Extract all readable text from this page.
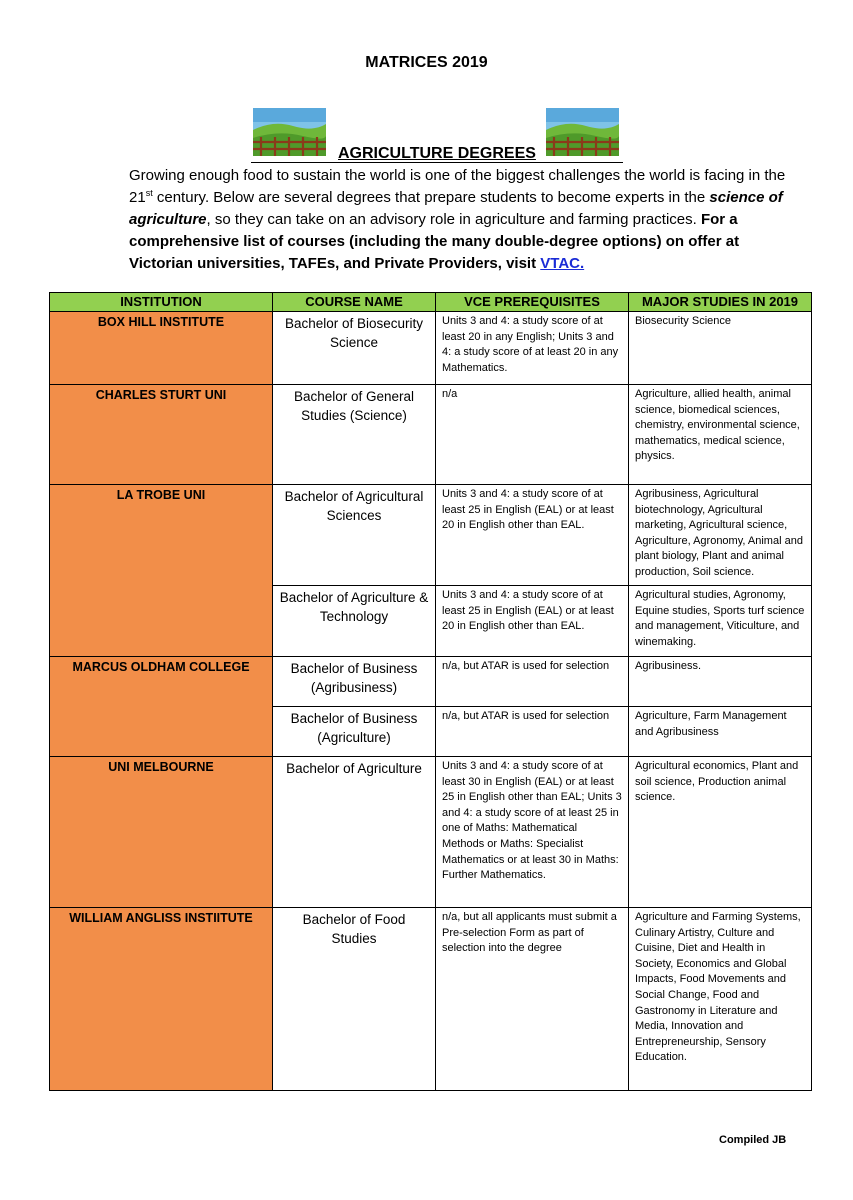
MATRICES 2019
AGRICULTURE DEGREES
Growing enough food to sustain the world is one of the biggest challenges the world is facing in the 21st century. Below are several degrees that prepare students to become experts in the science of agriculture, so they can take on an advisory role in agriculture and farming practices. For a comprehensive list of courses (including the many double-degree options) on offer at Victorian universities, TAFEs, and Private Providers, visit VTAC.
INSTITUTION	COURSE NAME	VCE PREREQUISITES	MAJOR STUDIES IN 2019
BOX HILL INSTITUTE	Bachelor of Biosecurity Science	Units 3 and 4: a study score of at least 20 in any English; Units 3 and 4: a study score of at least 20 in any Mathematics.	Biosecurity Science
CHARLES STURT UNI	Bachelor of General Studies (Science)	n/a	Agriculture, allied health, animal science, biomedical sciences, chemistry, environmental science, mathematics, medical science, physics.
LA TROBE UNI	Bachelor of Agricultural Sciences	Units 3 and 4: a study score of at least 25 in English (EAL) or at least 20 in English other than EAL.	Agribusiness, Agricultural biotechnology, Agricultural marketing, Agricultural science, Agriculture, Agronomy, Animal and plant biology, Plant and animal production, Soil science.
	Bachelor of Agriculture & Technology	Units 3 and 4: a study score of at least 25 in English (EAL) or at least 20 in English other than EAL.	Agricultural studies, Agronomy, Equine studies, Sports turf science and management, Viticulture, and winemaking.
MARCUS OLDHAM COLLEGE	Bachelor of Business (Agribusiness)	n/a, but ATAR is used for selection	Agribusiness.
	Bachelor of Business (Agriculture)	n/a, but ATAR is used for selection	Agriculture, Farm Management and Agribusiness
UNI MELBOURNE	Bachelor of Agriculture	Units 3 and 4: a study score of at least 30 in English (EAL) or at least 25 in English other than EAL; Units 3 and 4: a study score of at least 25 in one of Maths: Mathematical Methods or Maths: Specialist Mathematics or at least 30 in Maths: Further Mathematics.	Agricultural economics, Plant and soil science, Production animal science.
WILLIAM ANGLISS INSTIITUTE	Bachelor of Food Studies	n/a, but all applicants must submit a Pre-selection Form as part of selection into the degree	Agriculture and Farming Systems, Culinary Artistry, Culture and Cuisine, Diet and Health in Society, Economics and Global Impacts, Food Movements and Social Change, Food and Gastronomy in Literature and Media, Innovation and Entrepreneurship, Sensory Education.
Compiled JB
